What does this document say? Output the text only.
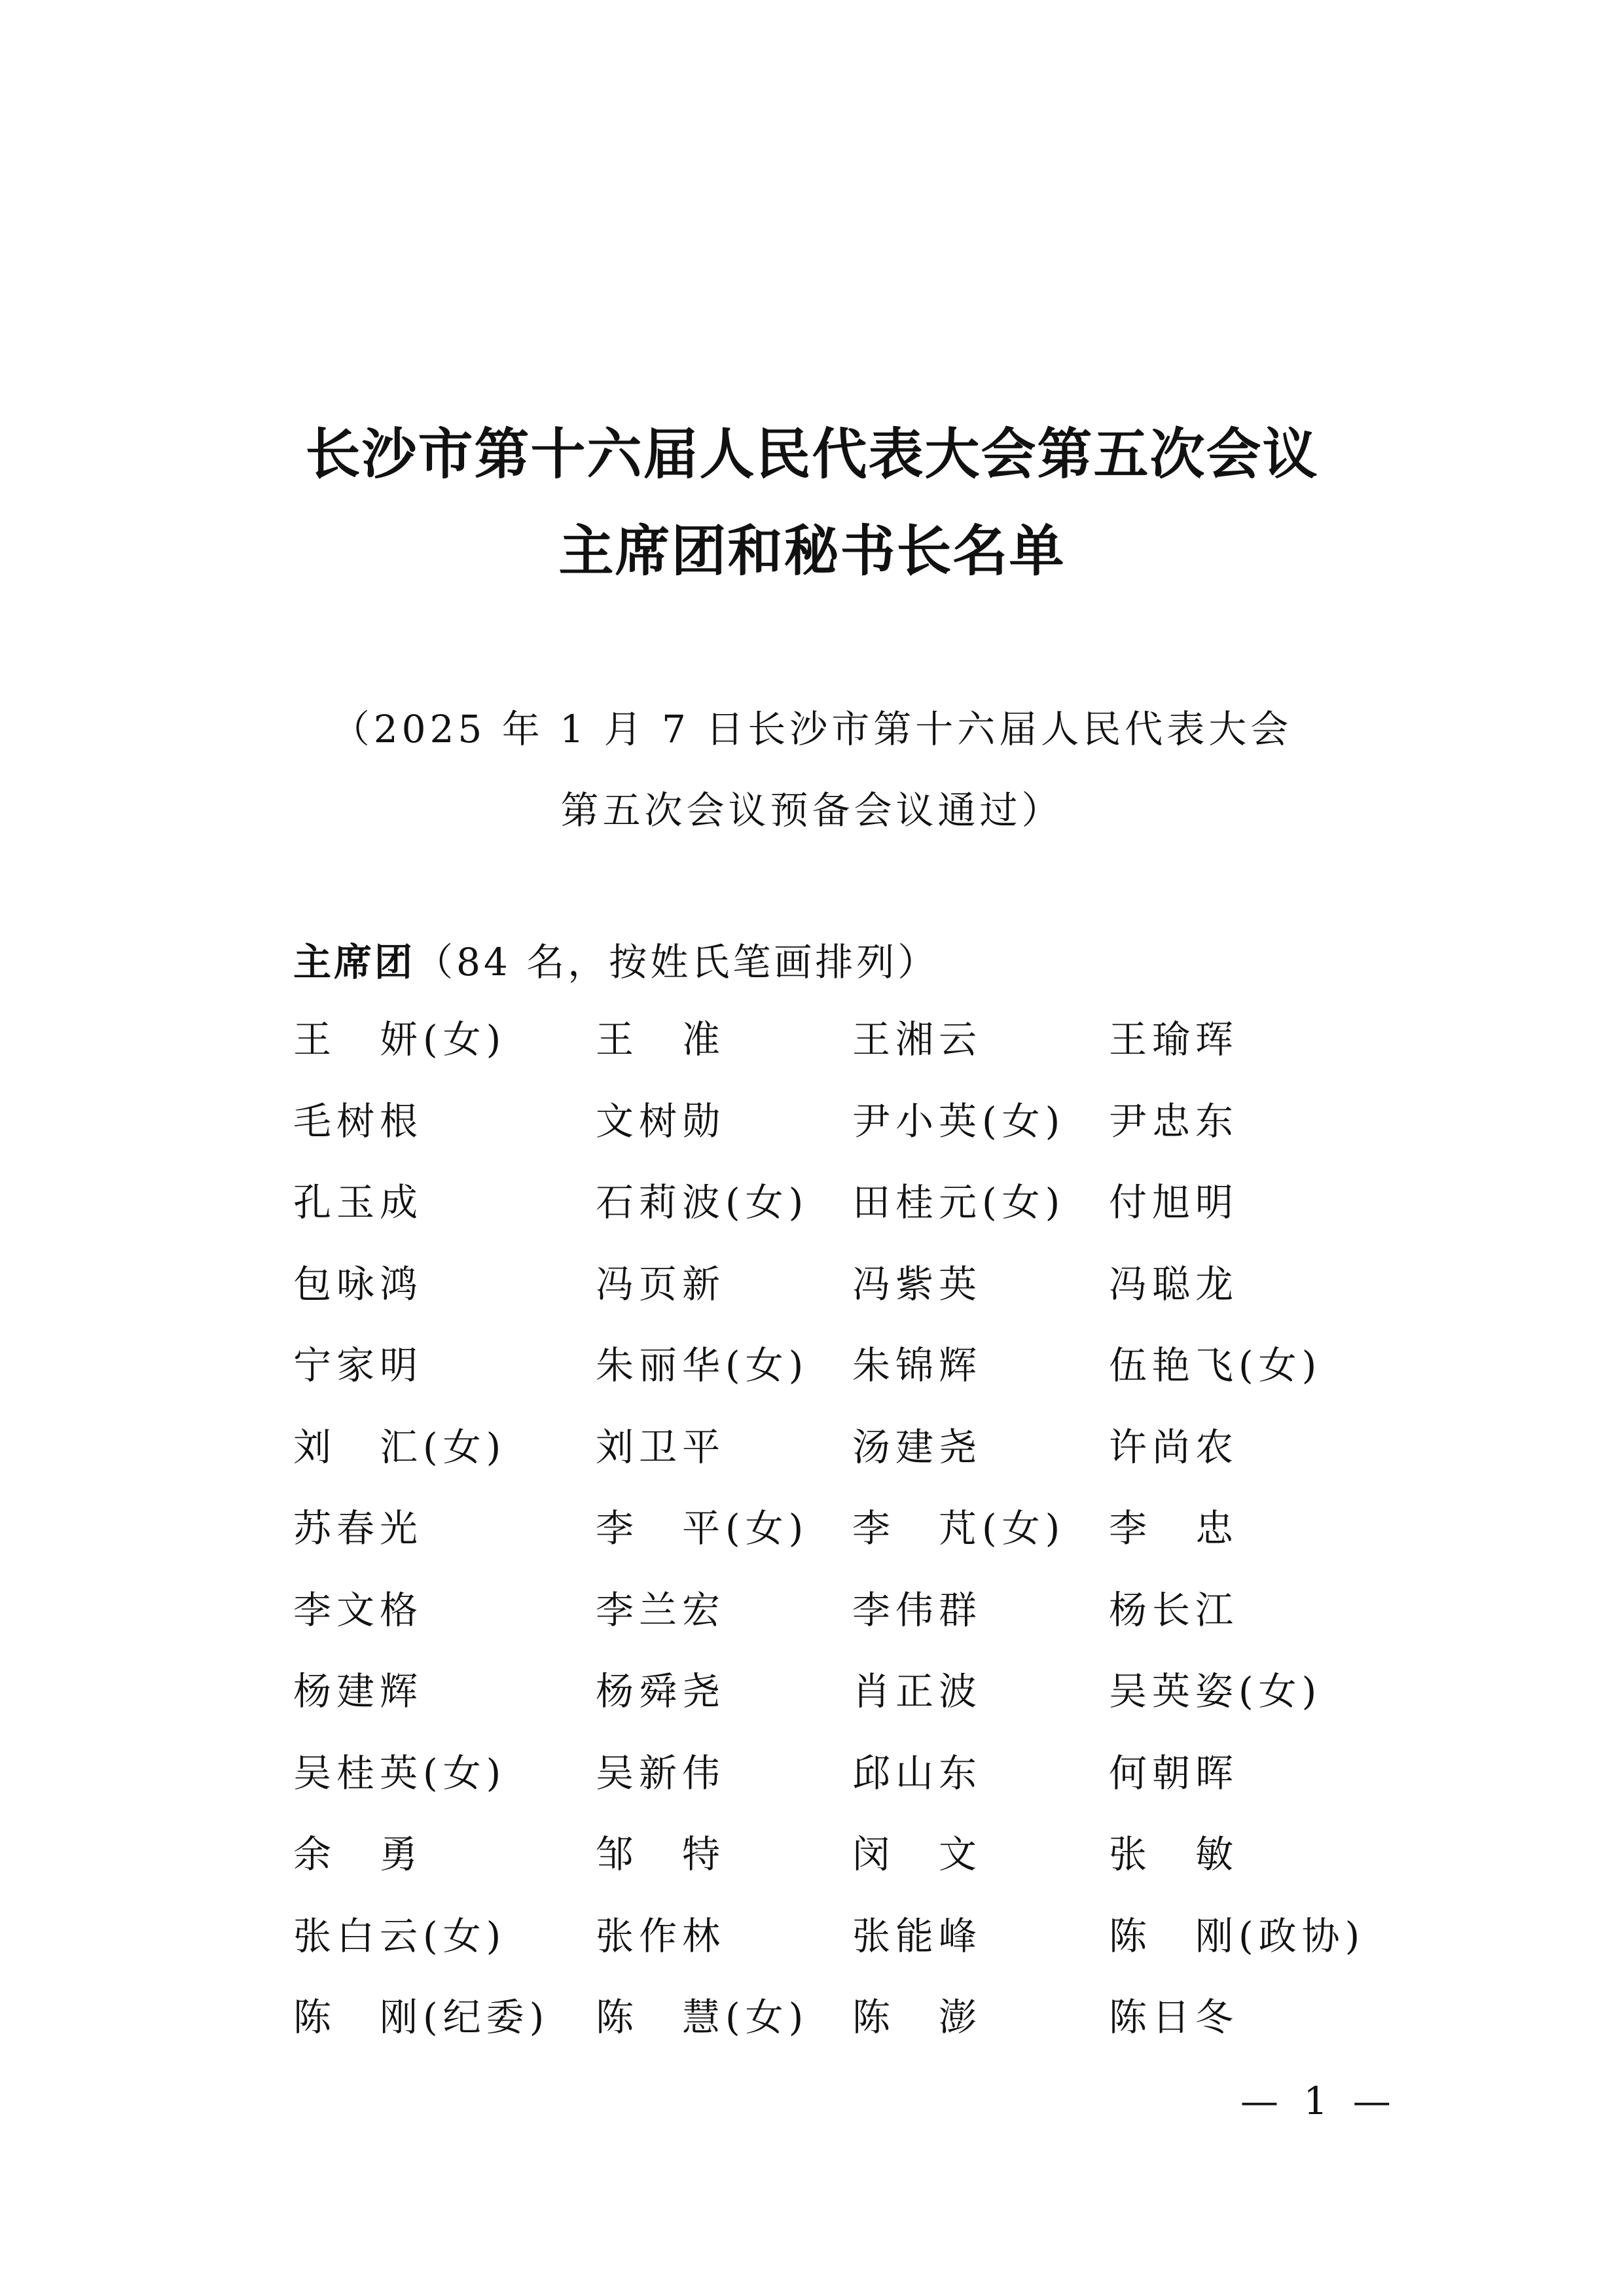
长沙市第十六届人民代表大会第五次会议
主席团和秘书长名单
（2025 年 1 月 7 日长沙市第十六届人民代表大会
第五次会议预备会议通过）
主席团（84 名，按姓氏笔画排列）
王　妍(女) 王　准	王湘云	王瑜珲
毛树根	文树勋	尹小英(女) 尹忠东
孔玉成	石莉波(女) 田桂元(女) 付旭明
包咏鸿	冯页新	冯紫英	冯聪龙
宁家明	朱丽华(女) 朱锦辉	伍艳飞(女)
刘　汇(女) 刘卫平	汤建尧	许尚农
苏春光	李　平(女) 李　芃(女) 李　忠
李文格	李兰宏	李伟群	杨长江
杨建辉	杨舜尧	肖正波	吴英姿(女)
吴桂英(女) 吴新伟	邱山东	何朝晖
余　勇	邹　特	闵　文	张　敏
张白云(女) 张作林	张能峰	陈　刚(政协)
陈　刚(纪委) 陈　慧(女) 陈　澎	陈日冬
— 1 —
